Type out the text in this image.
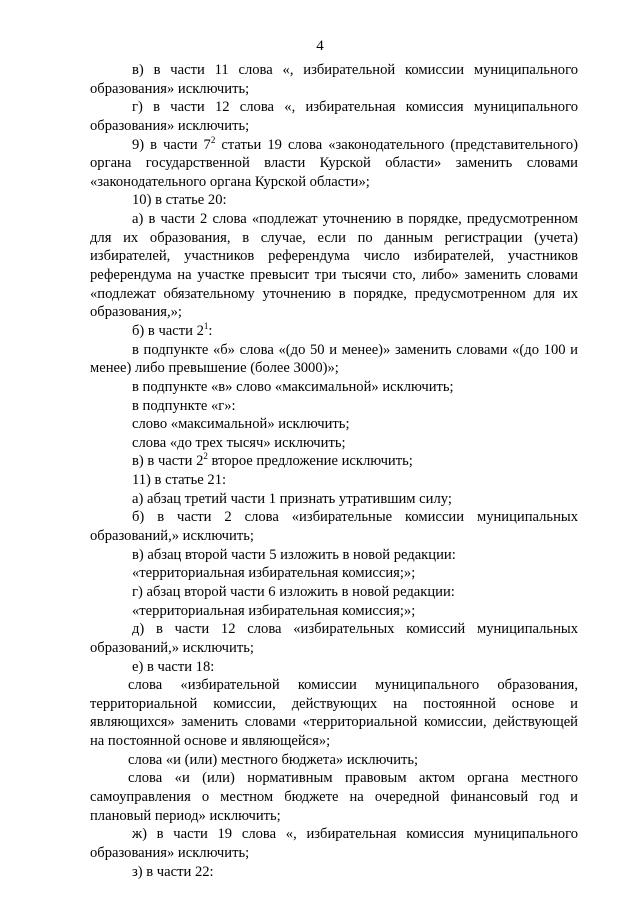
4
в) в части 11 слова «, избирательной комиссии муниципального
образования» исключить;
г) в части 12 слова «, избирательная комиссия муниципального
образования» исключить;
9) в части $7^2$ статьи 19 слова «законодательного (представительного)
органа государственной власти Курской области» заменить словами
«законодательного органа Курской области»;
10) в статье 20:
а) в части 2 слова «подлежат уточнению в порядке, предусмотренном
для их образования, в случае, если по данным регистрации (учета)
избирателей, участников референдума число избирателей, участников
референдума на участке превысит три тысячи сто, либо» заменить словами
«подлежат обязательному уточнению в порядке, предусмотренном для их
образования,»;
б) в части $2^1$:
в подпункте «б» слова «(до 50 и менее)» заменить словами «(до 100 и
менее) либо превышение (более 3000)»;
в подпункте «в» слово «максимальной» исключить;
в подпункте «г»:
слово «максимальной» исключить;
слова «до трех тысяч» исключить;
в) в части $2^2$ второе предложение исключить;
11) в статье 21:
а) абзац третий части 1 признать утратившим силу;
б) в части 2 слова «избирательные комиссии муниципальных
образований,» исключить;
в) абзац второй части 5 изложить в новой редакции:
«территориальная избирательная комиссия;»;
г) абзац второй части 6 изложить в новой редакции:
«территориальная избирательная комиссия;»;
д) в части 12 слова «избирательных комиссий муниципальных
образований,» исключить;
е) в части 18:
слова «избирательной комиссии муниципального образования,
территориальной комиссии, действующих на постоянной основе и
являющихся» заменить словами «территориальной комиссии, действующей
на постоянной основе и являющейся»;
слова «и (или) местного бюджета» исключить;
слова «и (или) нормативным правовым актом органа местного
самоуправления о местном бюджете на очередной финансовый год и
плановый период» исключить;
ж) в части 19 слова «, избирательная комиссия муниципального
образования» исключить;
з) в части 22:
